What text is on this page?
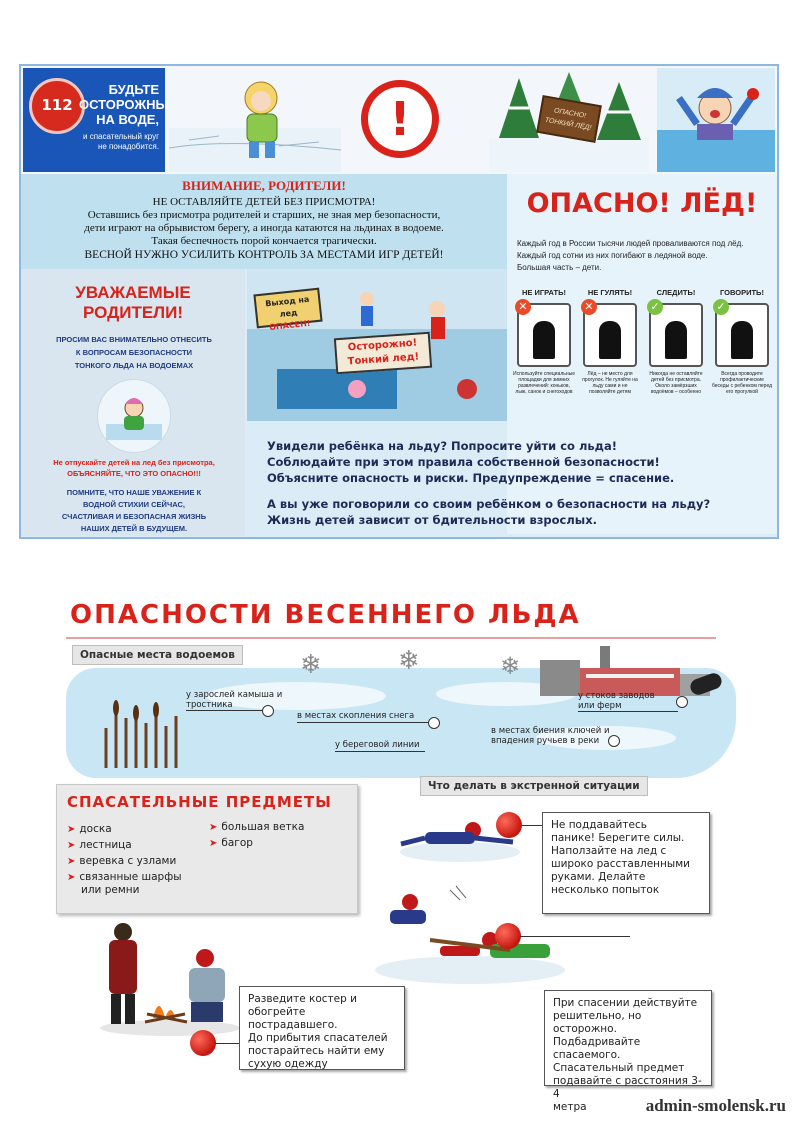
112
БУДЬТЕ
ОСТОРОЖНЫ
НА ВОДЕ,
и спасательный круг
не понадобится.
!	ОПАСНО! ТОНКИЙ ЛЁД!
ВНИМАНИЕ, РОДИТЕЛИ!
НЕ ОСТАВЛЯЙТЕ ДЕТЕЙ БЕЗ ПРИСМОТРА!
Оставшись без присмотра родителей и старших, не зная мер безопасности,
дети играют на обрывистом берегу, а иногда катаются на льдинах в водоеме.
Такая беспечность порой кончается трагически.
ВЕСНОЙ НУЖНО УСИЛИТЬ КОНТРОЛЬ ЗА МЕСТАМИ ИГР ДЕТЕЙ!
ОПАСНО! ЛЁД!
Каждый год в России тысячи людей проваливаются под лёд.
Каждый год сотни из них погибают в ледяной воде.
Большая часть – дети.
НЕ ИГРАТЬ!
✕
Используйте специальные площадки для зимних развлечений: коньков, лыж, санок и снегоходов
НЕ ГУЛЯТЬ!
✕
Лёд – не место для прогулок. Не гуляйте на льду сами и не позволяйте детям
СЛЕДИТЬ!
✓
Никогда не оставляйте детей без присмотра. Около замёрзших водоёмов – особенно
ГОВОРИТЬ!
✓
Всегда проводите профилактические беседы с ребенком перед его прогулкой
УВАЖАЕМЫЕ
РОДИТЕЛИ!
ПРОСИМ ВАС ВНИМАТЕЛЬНО ОТНЕСИТЬ
К ВОПРОСАМ БЕЗОПАСНОСТИ
ТОНКОГО ЛЬДА НА ВОДОЕМАХ
Не отпускайте детей на лед без присмотра,
ОБЪЯСНЯЙТЕ, ЧТО ЭТО ОПАСНО!!!
ПОМНИТЕ, ЧТО НАШЕ УВАЖЕНИЕ К
ВОДНОЙ СТИХИИ СЕЙЧАС,
СЧАСТЛИВАЯ И БЕЗОПАСНАЯ ЖИЗНЬ
НАШИХ ДЕТЕЙ В БУДУЩЕМ.
Выход на лед
ОПАСЕН!
Осторожно!
Тонкий лед!
Увидели ребёнка на льду? Попросите уйти со льда!
Соблюдайте при этом правила собственной безопасности!
Объясните опасность и риски. Предупреждение = спасение.
А вы уже поговорили со своим ребёнком о безопасности на льду?
Жизнь детей зависит от бдительности взрослых.
ОПАСНОСТИ ВЕСЕННЕГО ЛЬДА
❄	❄	❄
Опасные места водоемов
у зарослей камыша и
тростника
в местах скопления снега
у береговой линии
у стоков заводов
или ферм
в местах биения ключей и
впадения ручьев в реки
Что делать в экстренной ситуации
СПАСАТЕЛЬНЫЕ ПРЕДМЕТЫ
➤ доска
➤ лестница
➤ веревка с узлами
➤ связанные шарфы
или ремни
➤ большая ветка
➤ багор
Не поддавайтесь
панике! Берегите силы.
Наползайте на лед с
широко расставленными
руками. Делайте
несколько попыток
При спасении действуйте
решительно, но осторожно.
Подбадривайте спасаемого.
Спасательный предмет
подавайте с расстояния 3-4
метра
Разведите костер и
обогрейте пострадавшего.
До прибытия спасателей
постарайтесь найти ему
сухую одежду
admin-smolensk.ru
